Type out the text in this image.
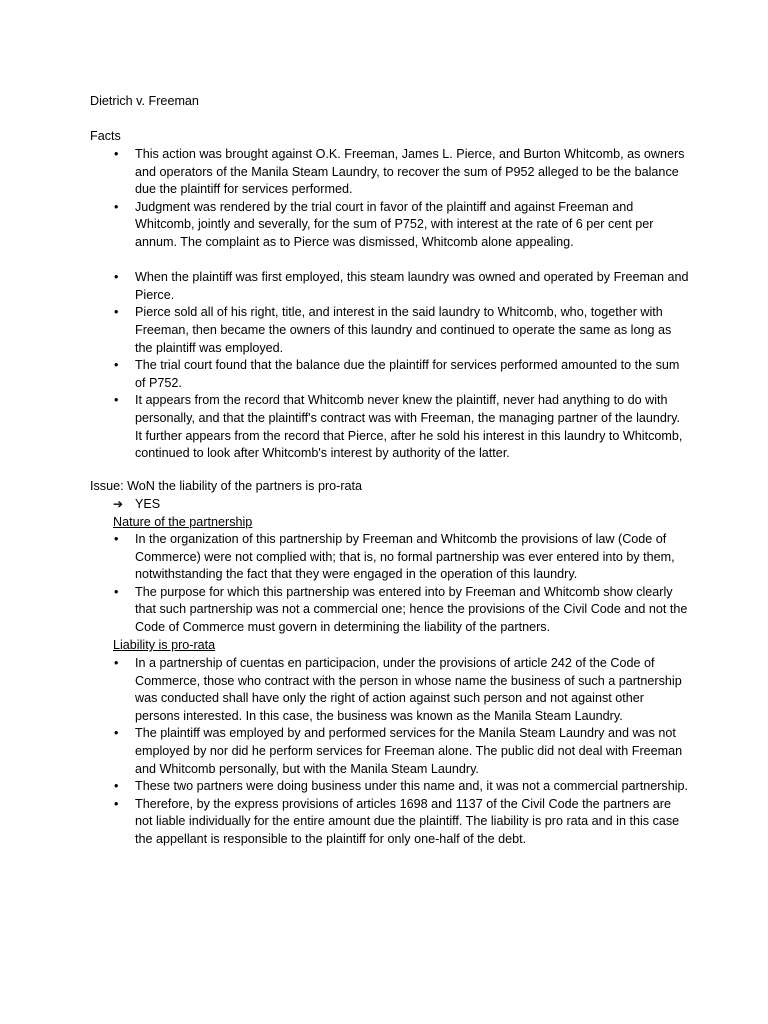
Dietrich v. Freeman
Facts
• This action was brought against O.K. Freeman, James L. Pierce, and Burton Whitcomb, as owners and operators of the Manila Steam Laundry, to recover the sum of P952 alleged to be the balance due the plaintiff for services performed.
• Judgment was rendered by the trial court in favor of the plaintiff and against Freeman and Whitcomb, jointly and severally, for the sum of P752, with interest at the rate of 6 per cent per annum. The complaint as to Pierce was dismissed, Whitcomb alone appealing.
• When the plaintiff was first employed, this steam laundry was owned and operated by Freeman and Pierce.
• Pierce sold all of his right, title, and interest in the said laundry to Whitcomb, who, together with Freeman, then became the owners of this laundry and continued to operate the same as long as the plaintiff was employed.
• The trial court found that the balance due the plaintiff for services performed amounted to the sum of P752.
• It appears from the record that Whitcomb never knew the plaintiff, never had anything to do with personally, and that the plaintiff's contract was with Freeman, the managing partner of the laundry. It further appears from the record that Pierce, after he sold his interest in this laundry to Whitcomb, continued to look after Whitcomb's interest by authority of the latter.
Issue: WoN the liability of the partners is pro-rata
➔ YES
Nature of the partnership
• In the organization of this partnership by Freeman and Whitcomb the provisions of law (Code of Commerce) were not complied with; that is, no formal partnership was ever entered into by them, notwithstanding the fact that they were engaged in the operation of this laundry.
• The purpose for which this partnership was entered into by Freeman and Whitcomb show clearly that such partnership was not a commercial one; hence the provisions of the Civil Code and not the Code of Commerce must govern in determining the liability of the partners.
Liability is pro-rata
• In a partnership of cuentas en participacion, under the provisions of article 242 of the Code of Commerce, those who contract with the person in whose name the business of such a partnership was conducted shall have only the right of action against such person and not against other persons interested. In this case, the business was known as the Manila Steam Laundry.
• The plaintiff was employed by and performed services for the Manila Steam Laundry and was not employed by nor did he perform services for Freeman alone. The public did not deal with Freeman and Whitcomb personally, but with the Manila Steam Laundry.
• These two partners were doing business under this name and, it was not a commercial partnership.
• Therefore, by the express provisions of articles 1698 and 1137 of the Civil Code the partners are not liable individually for the entire amount due the plaintiff. The liability is pro rata and in this case the appellant is responsible to the plaintiff for only one-half of the debt.
